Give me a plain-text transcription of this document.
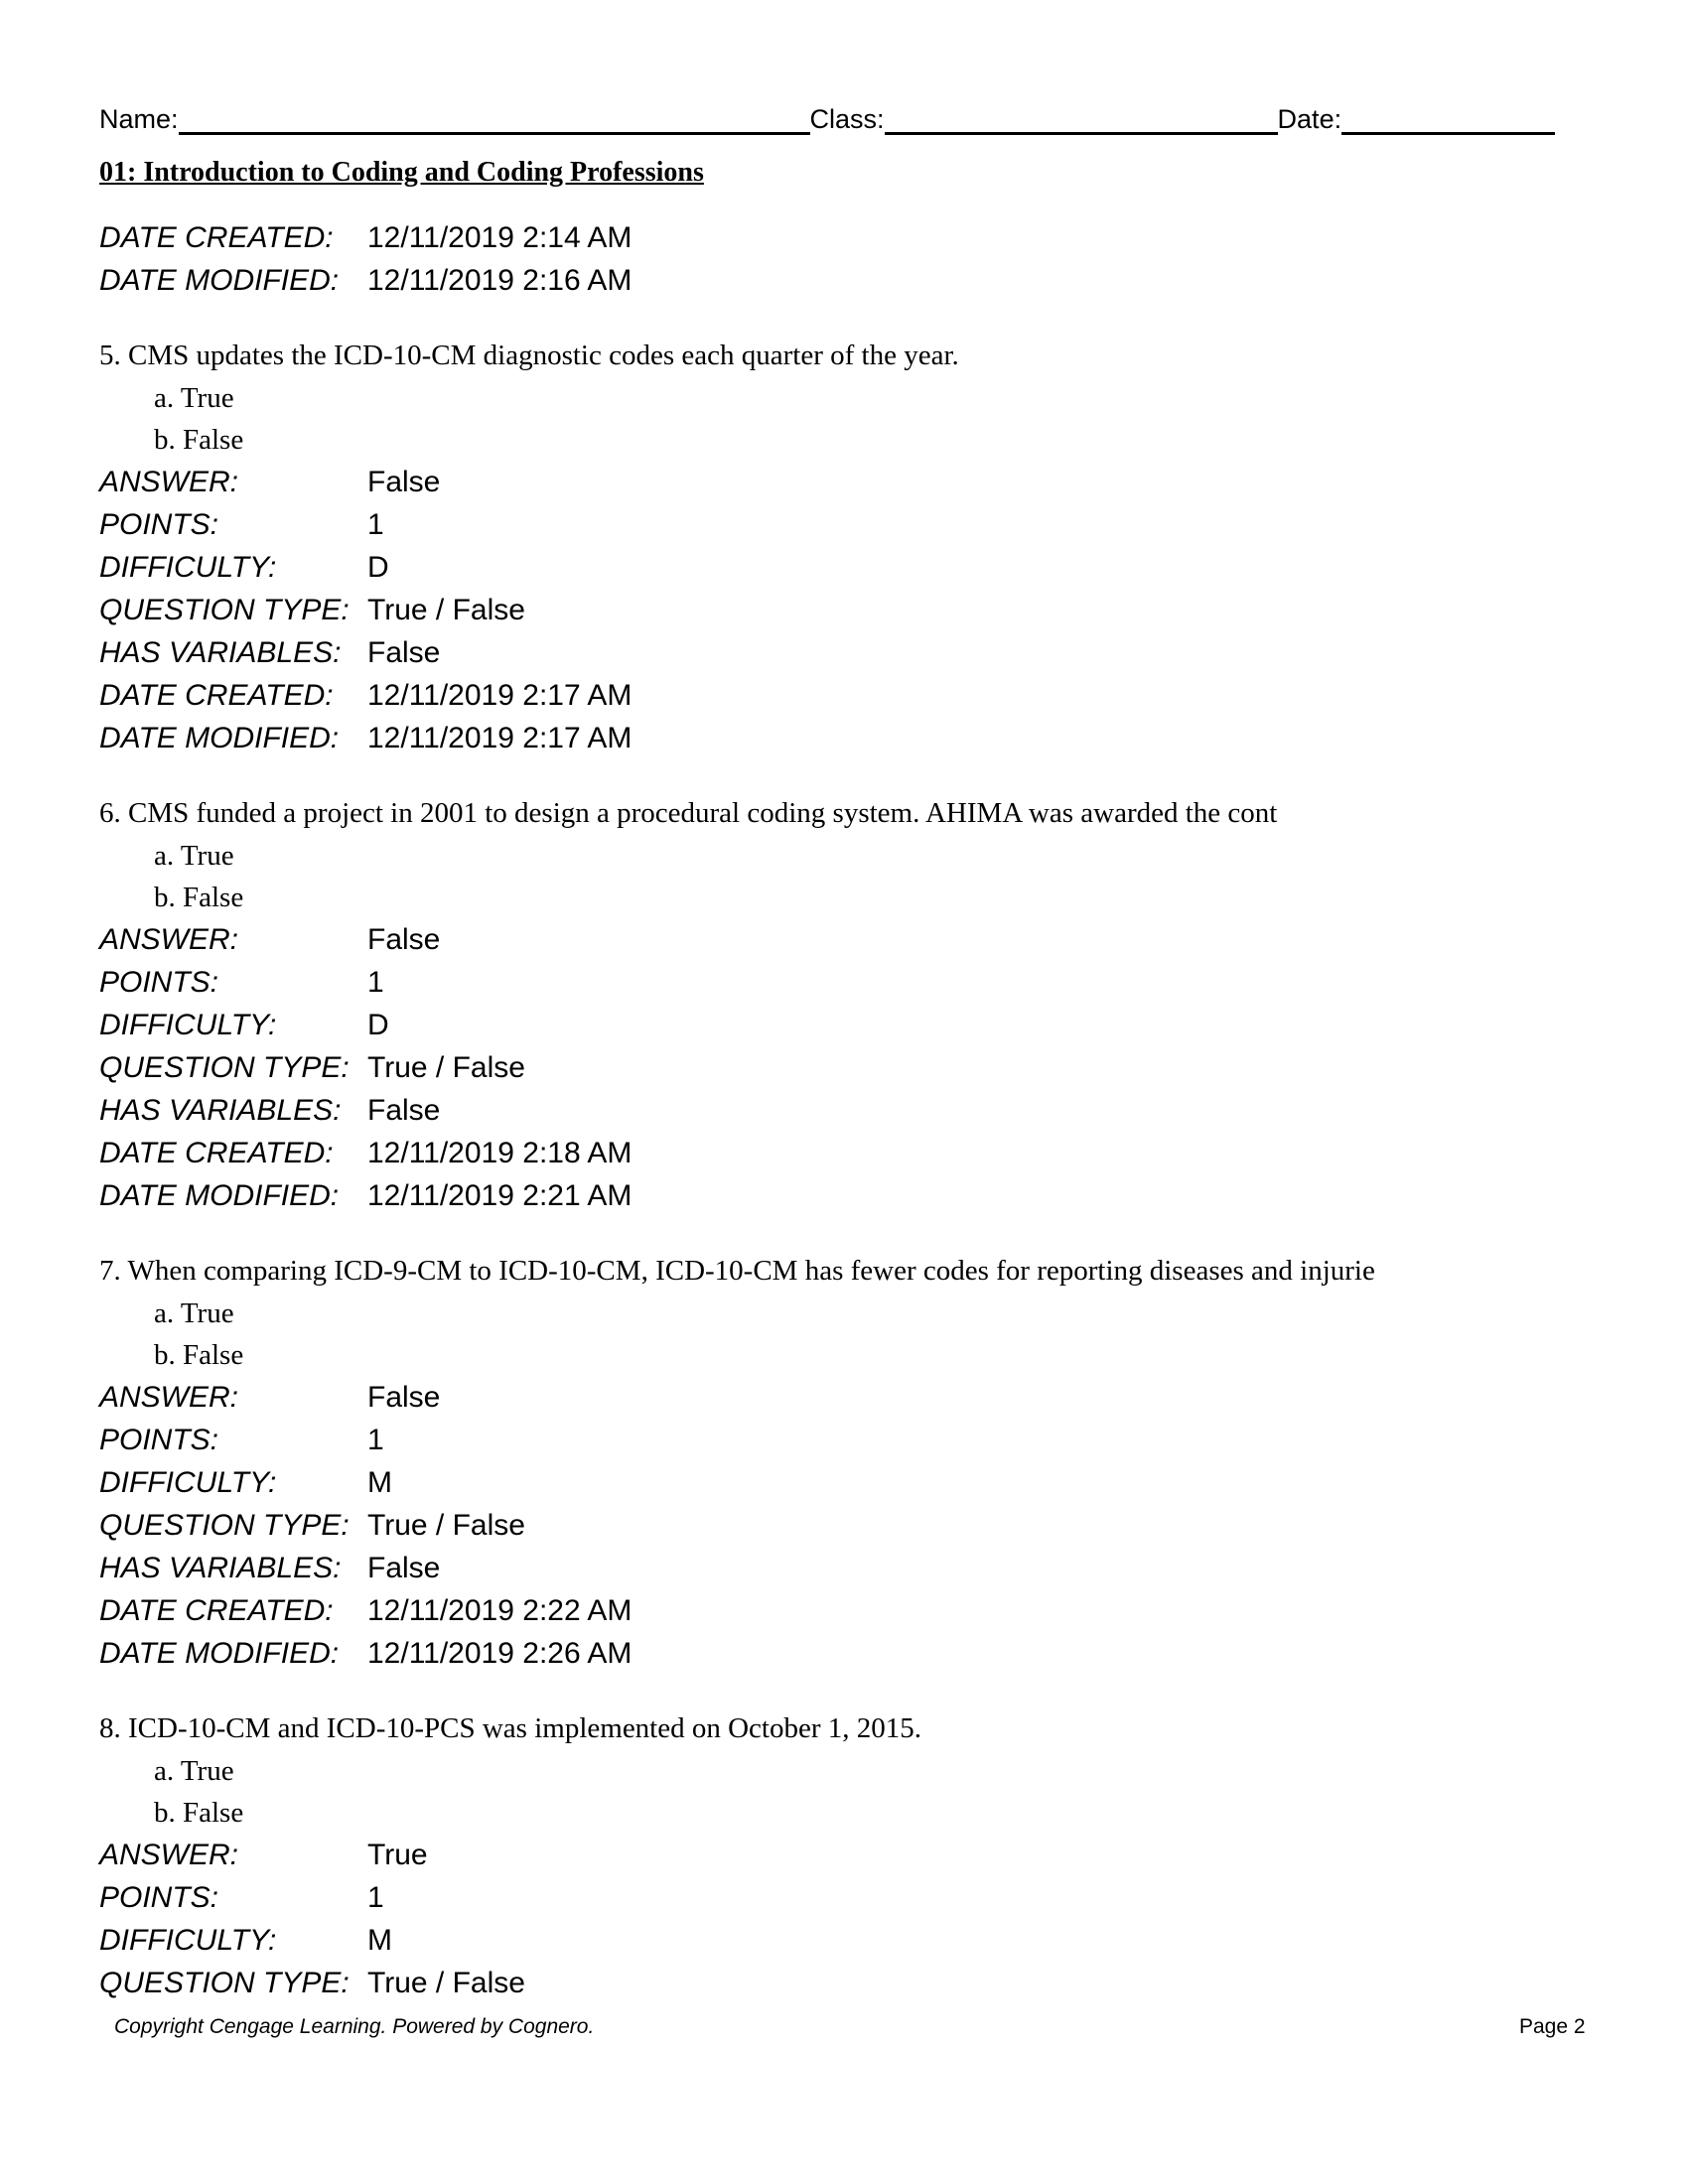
Name:	Class:	Date:
01: Introduction to Coding and Coding Professions
DATE CREATED: 12/11/2019 2:14 AM
DATE MODIFIED: 12/11/2019 2:16 AM
5. CMS updates the ICD-10-CM diagnostic codes each quarter of the year.
a. True
b. False
ANSWER:	False
POINTS:	1
DIFFICULTY:	D
QUESTION TYPE: True / False
HAS VARIABLES: False
DATE CREATED: 12/11/2019 2:17 AM
DATE MODIFIED: 12/11/2019 2:17 AM
6. CMS funded a project in 2001 to design a procedural coding system. AHIMA was awarded the cont
a. True
b. False
ANSWER:	False
POINTS:	1
DIFFICULTY:	D
QUESTION TYPE: True / False
HAS VARIABLES: False
DATE CREATED: 12/11/2019 2:18 AM
DATE MODIFIED: 12/11/2019 2:21 AM
7. When comparing ICD-9-CM to ICD-10-CM, ICD-10-CM has fewer codes for reporting diseases and injurie
a. True
b. False
ANSWER:	False
POINTS:	1
DIFFICULTY:	M
QUESTION TYPE: True / False
HAS VARIABLES: False
DATE CREATED: 12/11/2019 2:22 AM
DATE MODIFIED: 12/11/2019 2:26 AM
8. ICD-10-CM and ICD-10-PCS was implemented on October 1, 2015.
a. True
b. False
ANSWER:	True
POINTS:	1
DIFFICULTY:	M
QUESTION TYPE: True / False
Copyright Cengage Learning. Powered by Cognero.	Page 2
